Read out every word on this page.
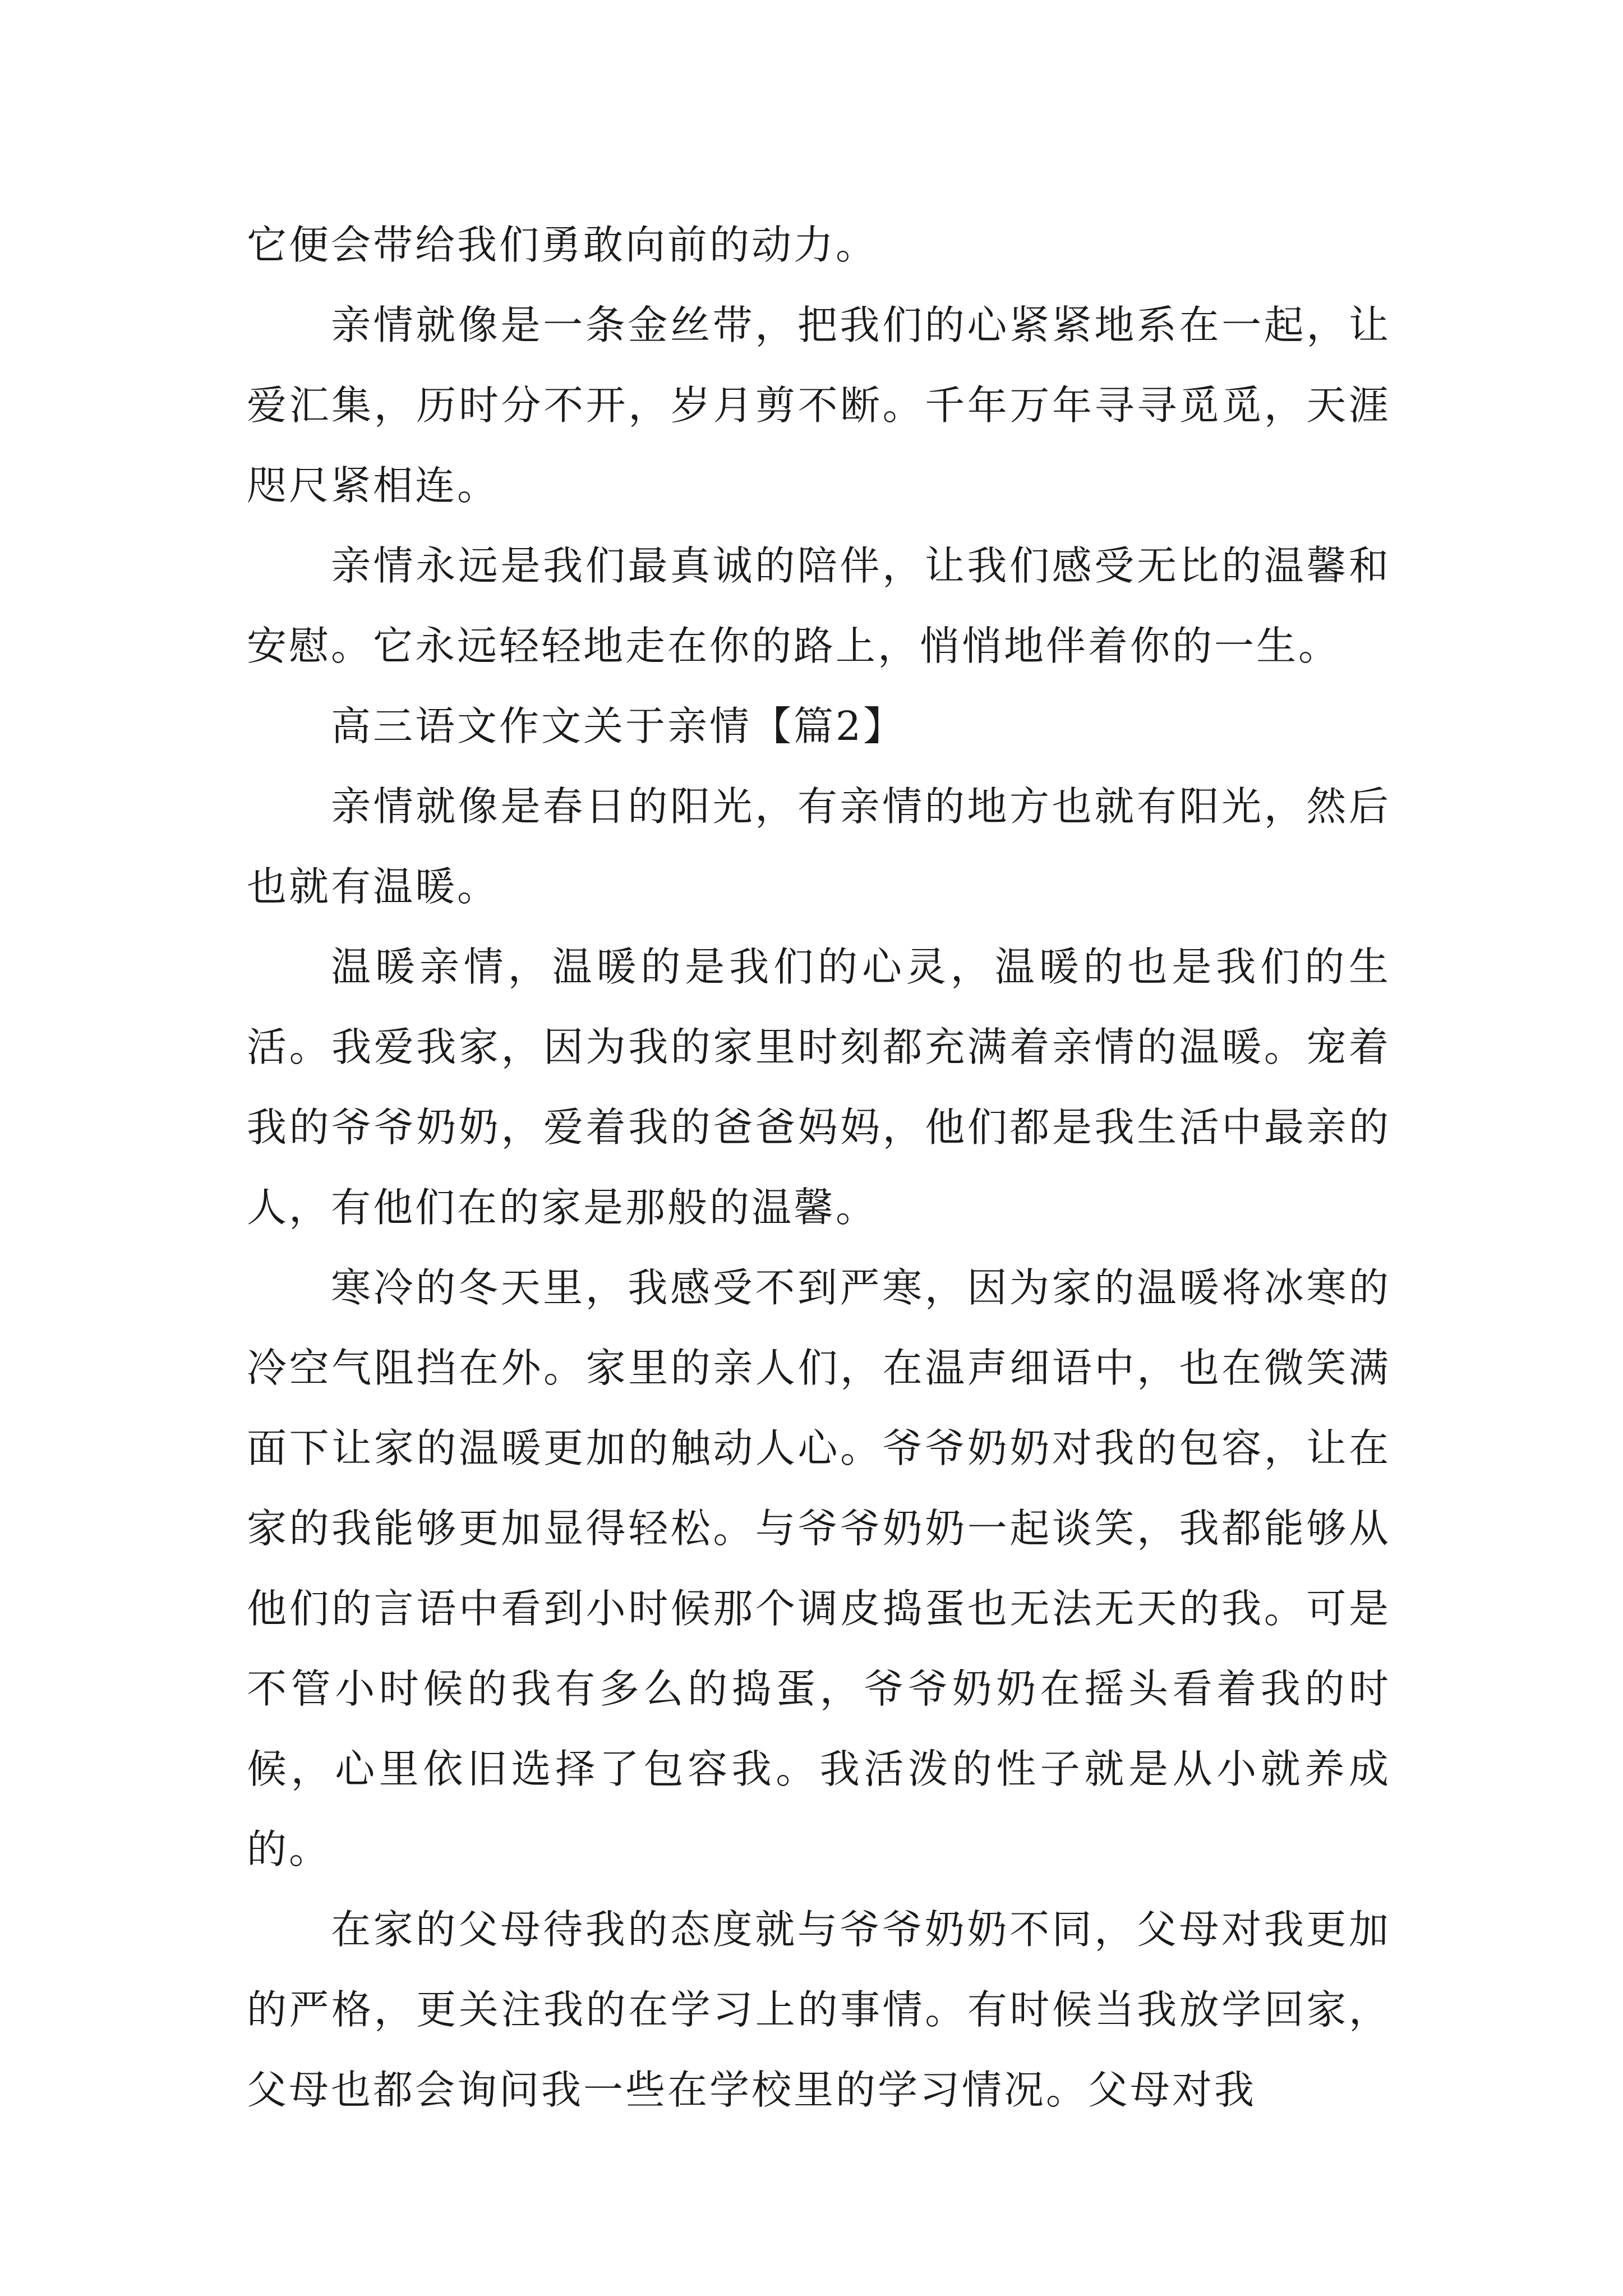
它便会带给我们勇敢向前的动力。

亲情就像是一条金丝带，把我们的心紧紧地系在一起，让爱汇集，历时分不开，岁月剪不断。千年万年寻寻觅觅，天涯咫尺紧相连。

亲情永远是我们最真诚的陪伴，让我们感受无比的温馨和安慰。它永远轻轻地走在你的路上，悄悄地伴着你的一生。

高三语文作文关于亲情【篇2】

亲情就像是春日的阳光，有亲情的地方也就有阳光，然后也就有温暖。

温暖亲情，温暖的是我们的心灵，温暖的也是我们的生活。我爱我家，因为我的家里时刻都充满着亲情的温暖。宠着我的爷爷奶奶，爱着我的爸爸妈妈，他们都是我生活中最亲的人，有他们在的家是那般的温馨。

寒冷的冬天里，我感受不到严寒，因为家的温暖将冰寒的冷空气阻挡在外。家里的亲人们，在温声细语中，也在微笑满面下让家的温暖更加的触动人心。爷爷奶奶对我的包容，让在家的我能够更加显得轻松。与爷爷奶奶一起谈笑，我都能够从他们的言语中看到小时候那个调皮捣蛋也无法无天的我。可是不管小时候的我有多么的捣蛋，爷爷奶奶在摇头看着我的时候，心里依旧选择了包容我。我活泼的性子就是从小就养成的。

在家的父母待我的态度就与爷爷奶奶不同，父母对我更加的严格，更关注我的在学习上的事情。有时候当我放学回家，父母也都会询问我一些在学校里的学习情况。父母对我
